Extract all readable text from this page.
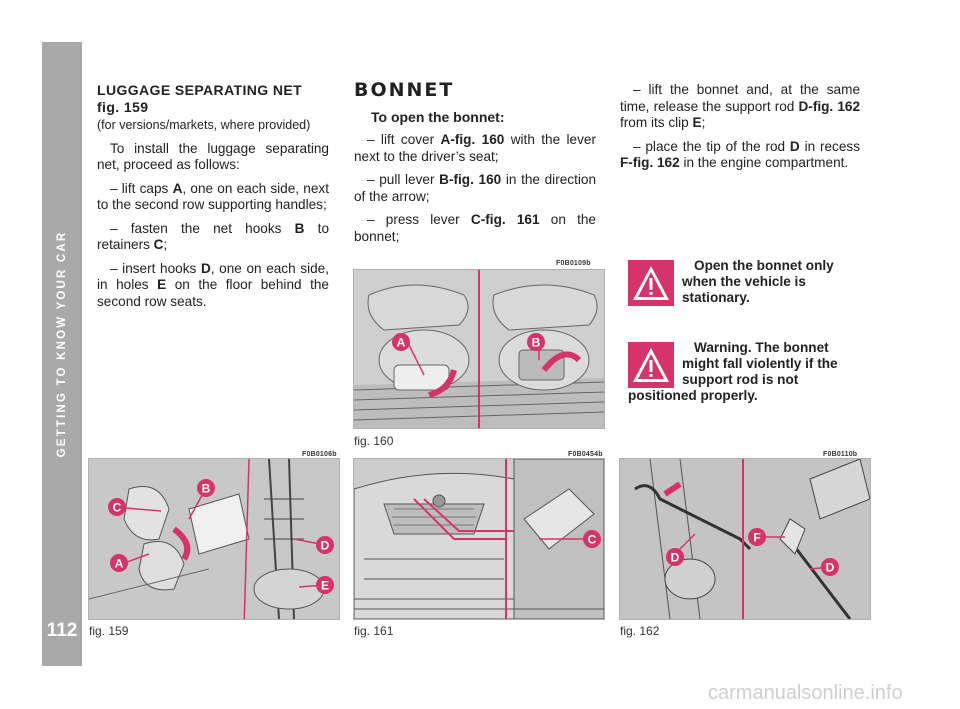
GETTING TO KNOW YOUR CAR
112
LUGGAGE SEPARATING NET
fig. 159

(for versions/markets, where provided)

To install the luggage separating net, proceed as follows:

– lift caps A, one on each side, next to the second row supporting handles;

– fasten the net hooks B to retainers C;

– insert hooks D, one on each side, in holes E on the floor behind the second row seats.

BONNET
To open the bonnet:

– lift cover A-fig. 160 with the lever next to the driver’s seat;

– pull lever B-fig. 160 in the direction of the arrow;

– press lever C-fig. 161 on the bonnet;

– lift the bonnet and, at the same time, release the support rod D-fig. 162 from its clip E;

– place the tip of the rod D in recess F-fig. 162 in the engine compartment.

Open the bonnet only when the vehicle is stationary.

Warning. The bonnet might fall violently if the support rod is not positioned properly.

F0B0109b
A	B
fig. 160
F0B0106b
C
B
A
D
E
fig. 159
F0B0454b
C
fig. 161
F0B0110b
D
F
D
fig. 162
carmanualsonline.info
